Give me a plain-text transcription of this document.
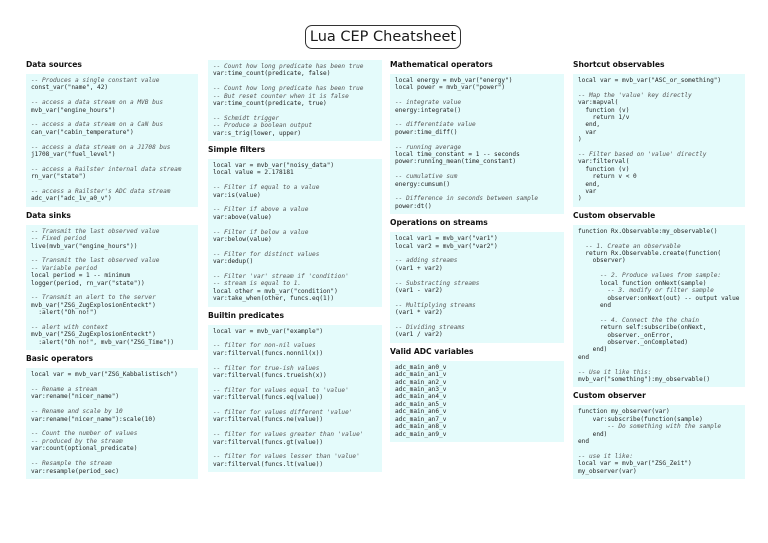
Lua CEP Cheatsheet
Data sources
-- Produces a single constant value
const_var("name", 42)
-- access a data stream on a MVB bus
mvb_var("engine_hours")
-- access a data stream on a CaN bus
can_var("cabin_temperature")
-- access a data stream on a J1708 bus
j1708_var("fuel_level")
-- access a Railster internal data stream
rn_var("state")
-- access a Railster's ADC data stream
adc_var("adc_1v_a0_v")
Data sinks
-- Transmit the last observed value
-- Fixed period
live(mvb_var("engine_hours"))
-- Transmit the last observed value
-- Variable period
local period = 1 -- minimum
logger(period, rn_var("state"))
-- Transmit an alert to the server
mvb_var("ZSG_ZugExplosionEnteckt")
:alert("Oh no!")
-- alert with context
mvb_var("ZSG_ZugExplosionEnteckt")
:alert("Oh no!", mvb_var("ZSG_Time"))
Basic operators
local var = mvb_var("ZSG_Kabbalistisch")
-- Rename a stream
var:rename("nicer_name")
-- Rename and scale by 10
var:rename("nicer_name"):scale(10)
-- Count the number of values
-- produced by the stream
var:count(optional_predicate)
-- Resample the stream
var:resample(period_sec)
-- Count how long predicate has been true
var:time_count(predicate, false)
-- Count how long predicate has been true
-- But reset counter when it is false
var:time_count(predicate, true)
-- Schmidt trigger
-- Produce a boolean output
var:s_trig(lower, upper)
Simple filters
local var = mvb_var("noisy_data")
local value = 2.178181
-- Filter if equal to a value
var:is(value)
-- Filter if above a value
var:above(value)
-- Filter if below a value
var:below(value)
-- Filter for distinct values
var:dedup()
-- Filter 'var' stream if 'condition'
-- stream is equal to 1.
local other = mvb_var("condition")
var:take_when(other, funcs.eq(1))
Builtin predicates
local var = mvb_var("example")
-- filter for non-nil values
var:filterval(funcs.nonnil(x))
-- filter for true-ish values
var:filterval(funcs.trueish(x))
-- filter for values equal to 'value'
var:filterval(funcs.eq(value))
-- filter for values different 'value'
var:filterval(funcs.ne(value))
-- filter for values greater than 'value'
var:filterval(funcs.gt(value))
-- filter for values lesser than 'value'
var:filterval(funcs.lt(value))
Mathematical operators
local energy = mvb_var("energy")
local power = mvb_var("power")
-- integrate value
energy:integrate()
-- differentiate value
power:time_diff()
-- running average
local time_constant = 1 -- seconds
power:running_mean(time_constant)
-- cumulative sum
energy:cumsum()
-- Difference in seconds between sample
power:dt()
Operations on streams
local var1 = mvb_var("var1")
local var2 = mvb_var("var2")
-- adding streams
(var1 + var2)
-- Substracting streams
(var1 - var2)
-- Multiplying streams
(var1 * var2)
-- Dividing streams
(var1 / var2)
Valid ADC variables
adc_main_an0_v
adc_main_an1_v
adc_main_an2_v
adc_main_an3_v
adc_main_an4_v
adc_main_an5_v
adc_main_an6_v
adc_main_an7_v
adc_main_an8_v
adc_main_an9_v
Shortcut observables
local var = mvb_var("ASC_or_something")
-- Map the 'value' key directly
var:mapval(
function (v)
return 1/v
end,
var
)
-- Filter based on 'value' directly
var:filterval(
function (v)
return v < 0
end,
var
)
Custom observable
function Rx.Observable:my_observable()
-- 1. Create an observable
return Rx.Observable.create(function(
observer)
-- 2. Produce values from sample:
local function onNext(sample)
-- 3. modify or filter sample
observer:onNext(out) -- output value
end
-- 4. Connect the the chain
return self:subscribe(onNext,
observer._onError,
observer._onCompleted)
end)
end
-- Use it like this:
mvb_var("something"):my_observable()
Custom observer
function my_observer(var)
var:subscribe(function(sample)
-- Do something with the sample
end)
end
-- use it like:
local var = mvb_var("ZSG_Zeit")
my_observer(var)
